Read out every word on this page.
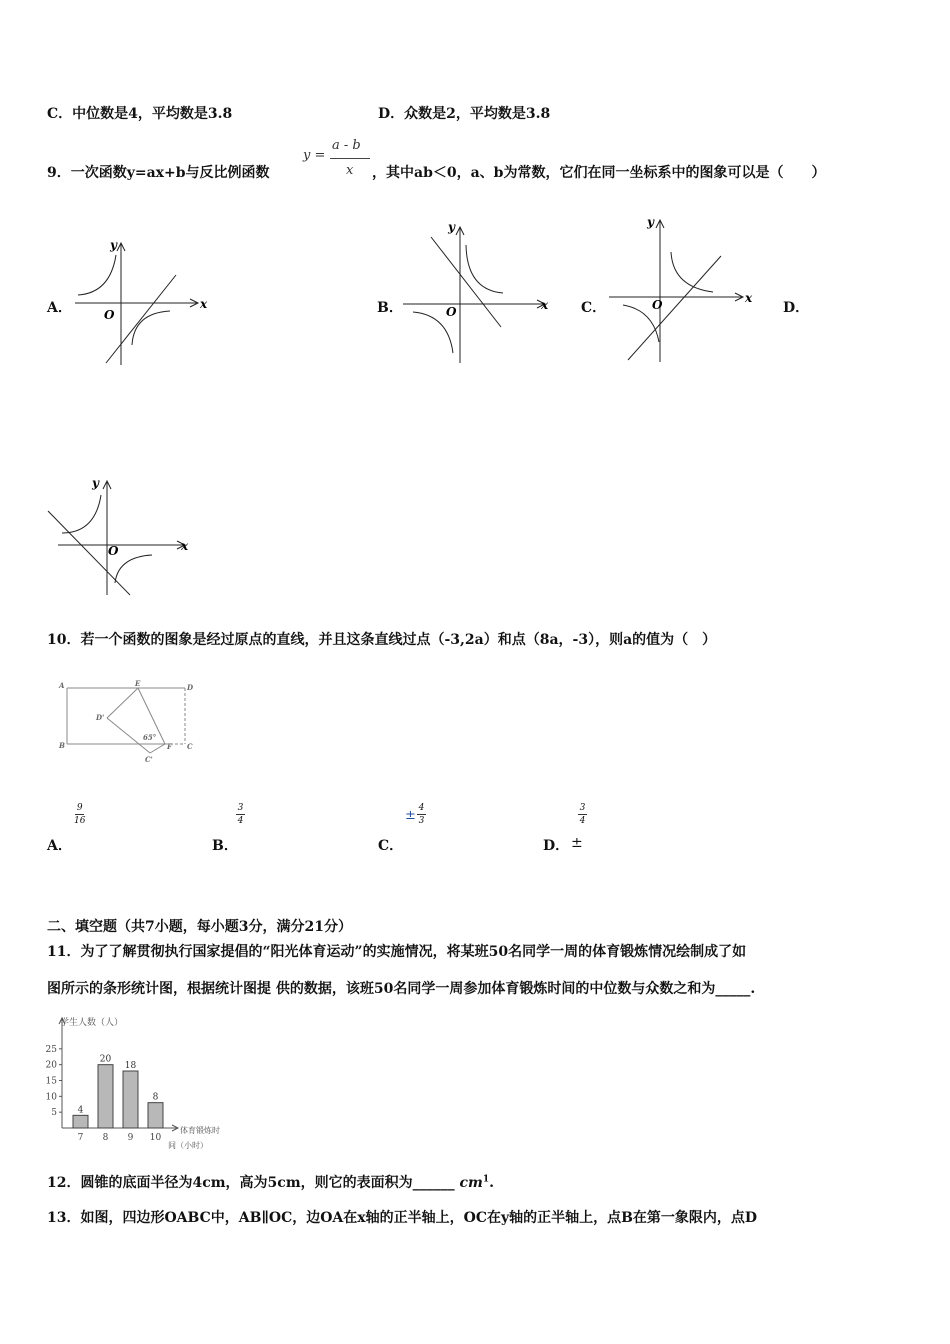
C．中位数是4，平均数是3.8	D．众数是2，平均数是3.8
9．一次函数y=ax+b与反比例函数
y =
a - b
x ，其中ab＜0，a、b为常数，它们在同一坐标系中的图象可以是（　　）
A．	B．	C．	D．
x
y
O
x
y
O
x
y
O
x
y
O
10．若一个函数的图象是经过原点的直线，并且这条直线过点（-3,2a）和点（8a，-3），则a的值为（　）
A	E	D
D'
B
C'
F C
65°
9
16
A．
3
4
B．
± 4
3
C．
3
4
D． ±
二、填空题（共7小题，每小题3分，满分21分）
11．为了了解贯彻执行国家提倡的“阳光体育运动”的实施情况，将某班50名同学一周的体育锻炼情况绘制成了如
图所示的条形统计图，根据统计图提 供的数据，该班50名同学一周参加体育锻炼时间的中位数与众数之和为_____.
学生人数（人）
体育锻炼时
间（小时）
5
10
15
20
25
4
7
20
8
18
9
8
10
12．圆锥的底面半径为4cm，高为5cm，则它的表面积为______ $cm^1$.
13．如图，四边形OABC中，AB∥OC，边OA在x轴的正半轴上，OC在y轴的正半轴上，点B在第一象限内，点D
